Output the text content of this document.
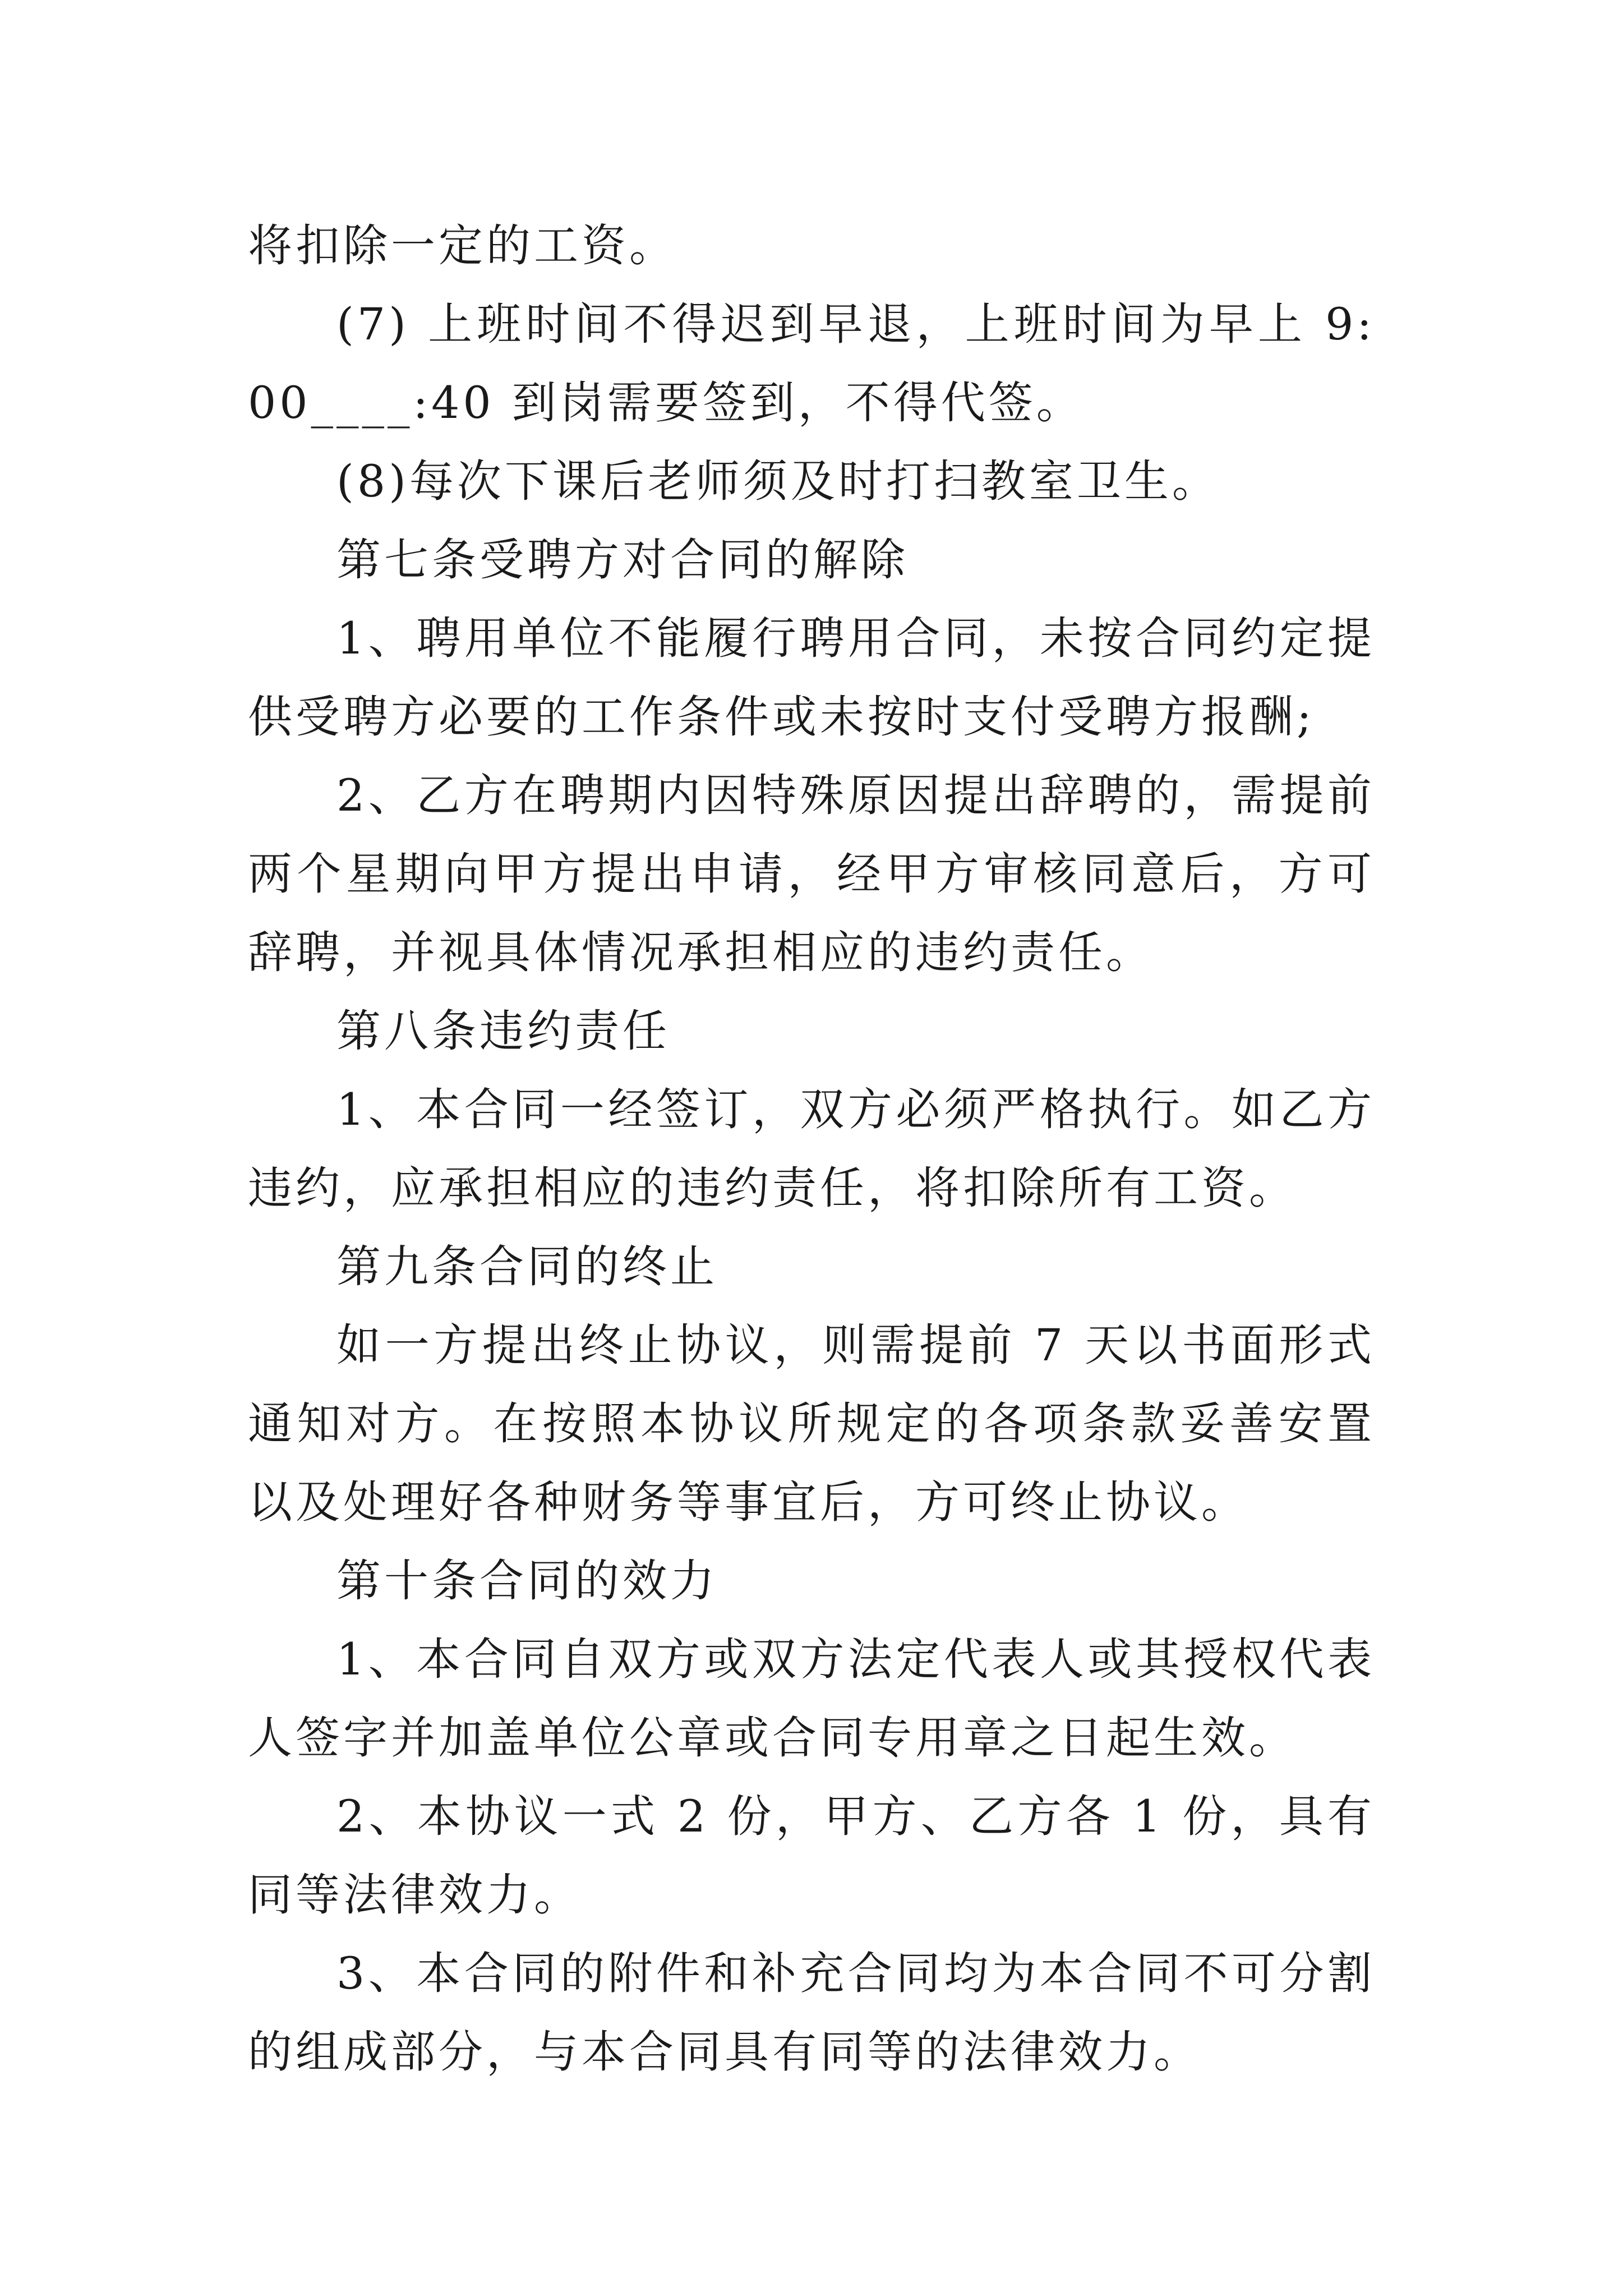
将扣除一定的工资。

(7) 上班时间不得迟到早退，上班时间为早上 9:00____:40 到岗需要签到，不得代签。

(8)每次下课后老师须及时打扫教室卫生。

第七条受聘方对合同的解除

1、聘用单位不能履行聘用合同，未按合同约定提供受聘方必要的工作条件或未按时支付受聘方报酬;

2、乙方在聘期内因特殊原因提出辞聘的，需提前两个星期向甲方提出申请，经甲方审核同意后，方可辞聘，并视具体情况承担相应的违约责任。

第八条违约责任

1、本合同一经签订，双方必须严格执行。如乙方违约，应承担相应的违约责任，将扣除所有工资。

第九条合同的终止

如一方提出终止协议，则需提前 7 天以书面形式通知对方。在按照本协议所规定的各项条款妥善安置以及处理好各种财务等事宜后，方可终止协议。

第十条合同的效力

1、本合同自双方或双方法定代表人或其授权代表人签字并加盖单位公章或合同专用章之日起生效。

2、本协议一式 2 份，甲方、乙方各 1 份，具有同等法律效力。

3、本合同的附件和补充合同均为本合同不可分割的组成部分，与本合同具有同等的法律效力。
